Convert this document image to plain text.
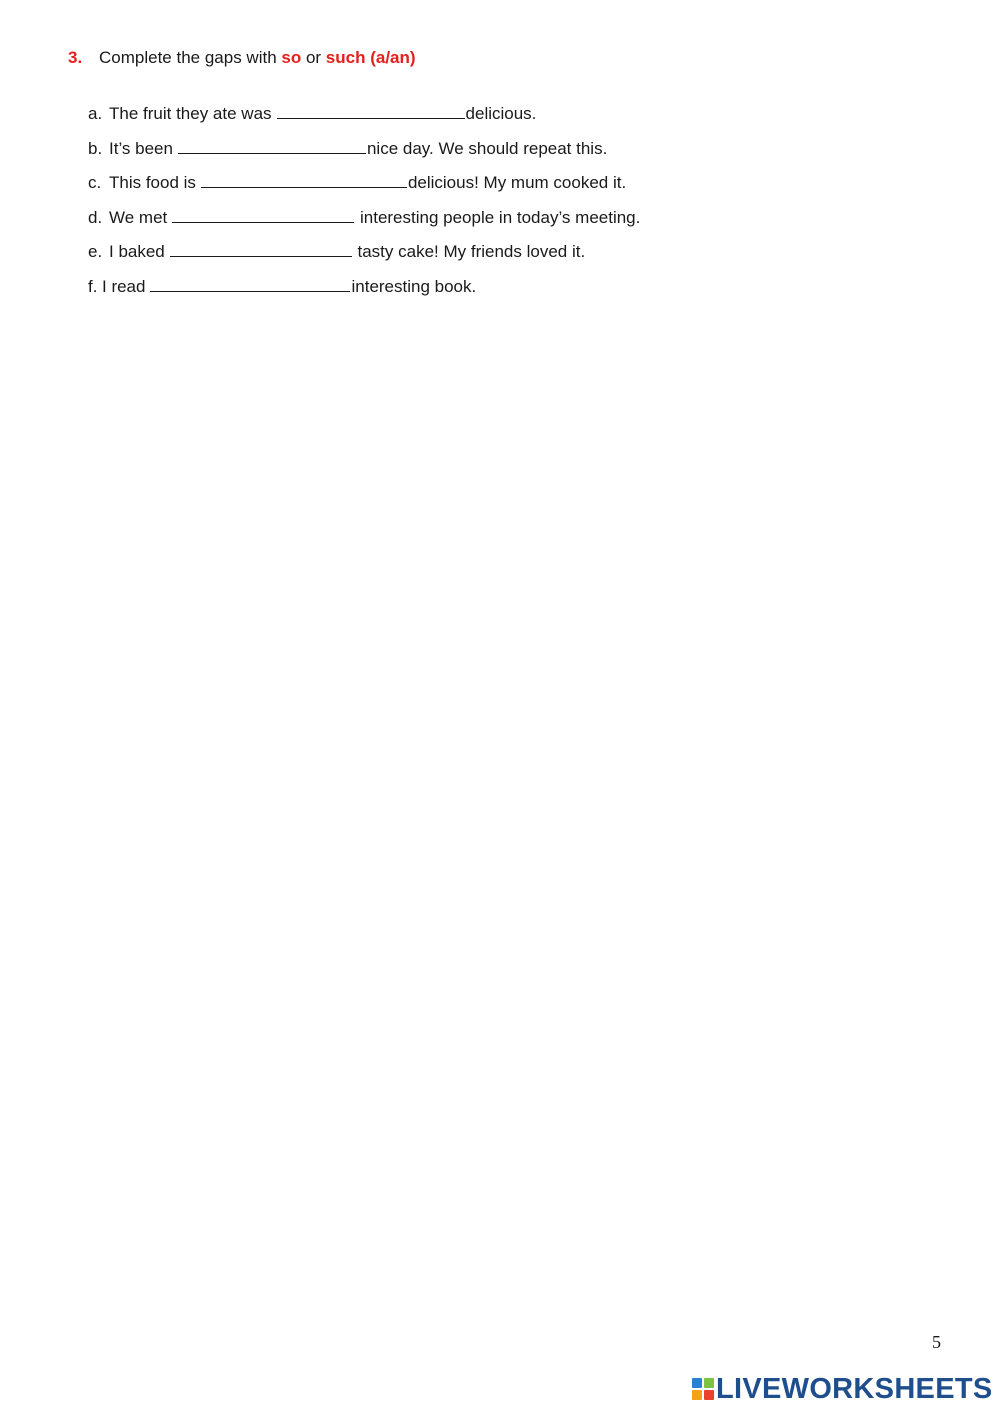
3. Complete the gaps with so or such (a/an)
a. The fruit they ate was	delicious.
b. It’s been	nice day. We should repeat this.
c. This food is	delicious! My mum cooked it.
d. We met	interesting people in today’s meeting.
e. I baked	tasty cake! My friends loved it.
f. I read	interesting book.
5
LIVEWORKSHEETS
